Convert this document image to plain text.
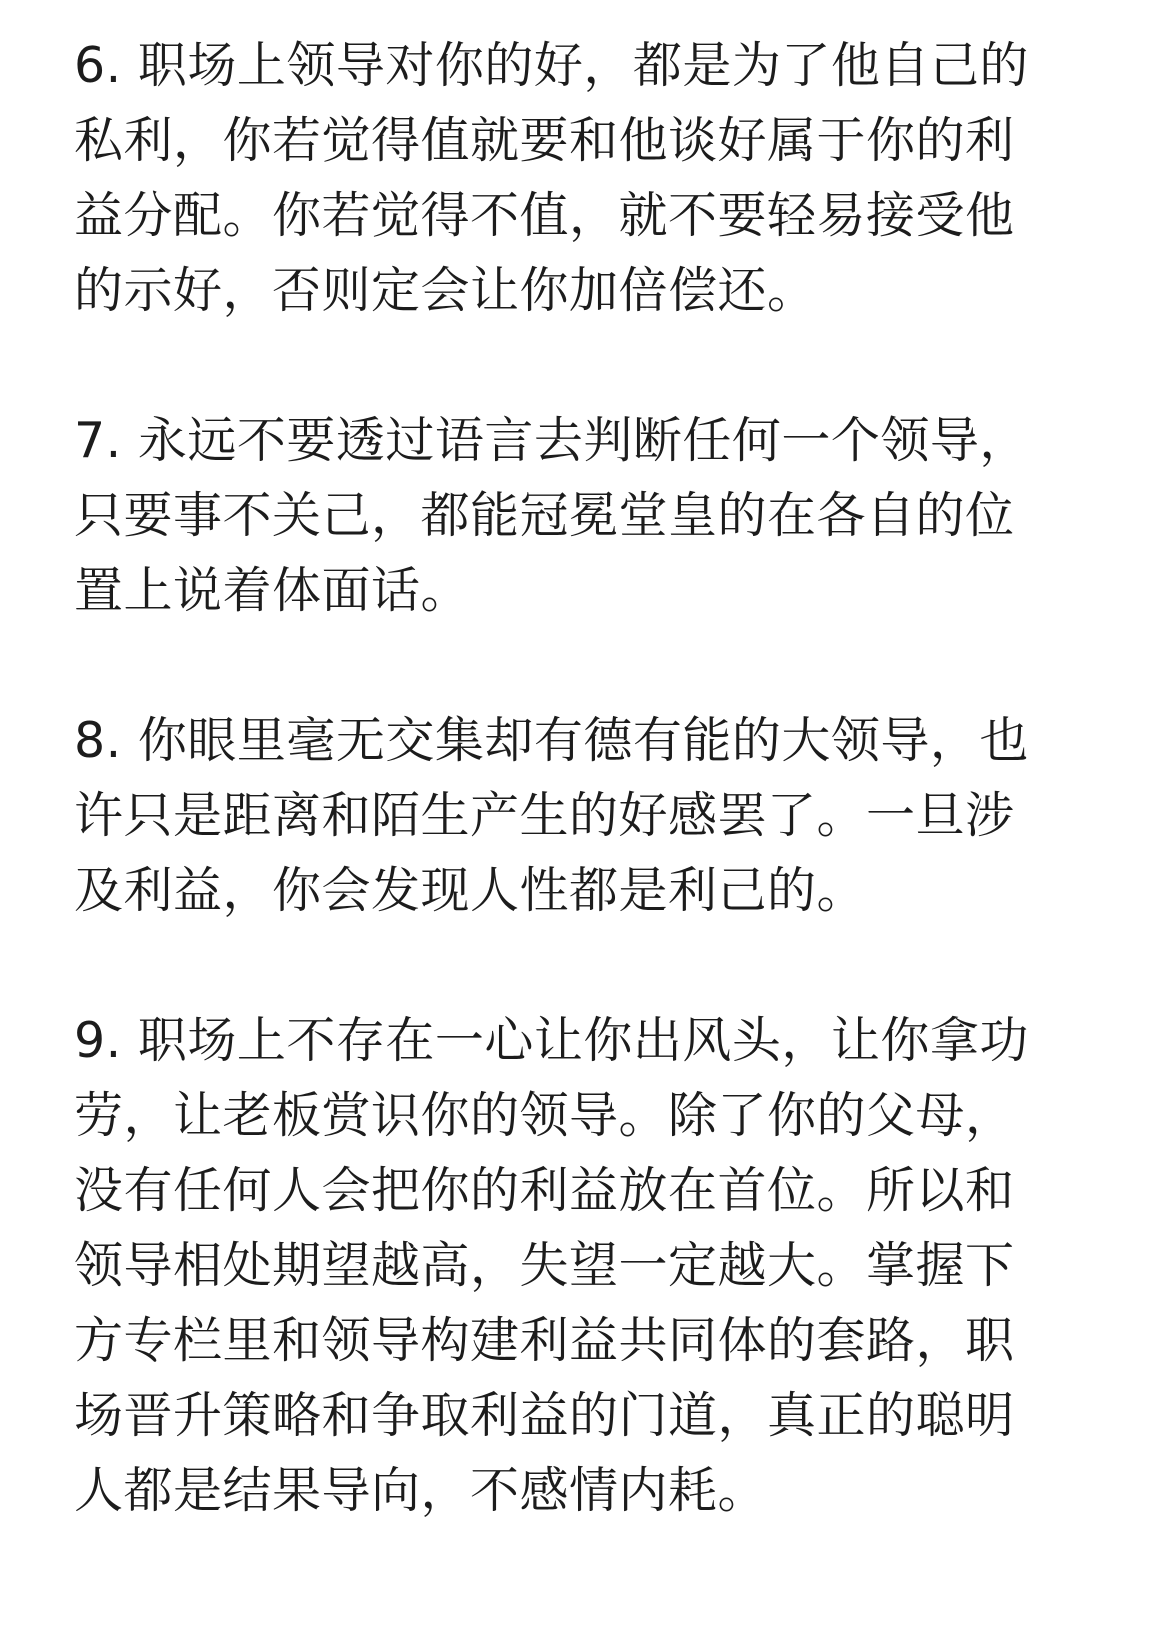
6. 职场上领导对你的好，都是为了他自己的
私利，你若觉得值就要和他谈好属于你的利
益分配。你若觉得不值，就不要轻易接受他
的示好，否则定会让你加倍偿还。
7. 永远不要透过语言去判断任何一个领导，
只要事不关己，都能冠冕堂皇的在各自的位
置上说着体面话。
8. 你眼里毫无交集却有德有能的大领导，也
许只是距离和陌生产生的好感罢了。一旦涉
及利益，你会发现人性都是利己的。
9. 职场上不存在一心让你出风头，让你拿功
劳，让老板赏识你的领导。除了你的父母，
没有任何人会把你的利益放在首位。所以和
领导相处期望越高，失望一定越大。掌握下
方专栏里和领导构建利益共同体的套路，职
场晋升策略和争取利益的门道，真正的聪明
人都是结果导向，不感情内耗。
